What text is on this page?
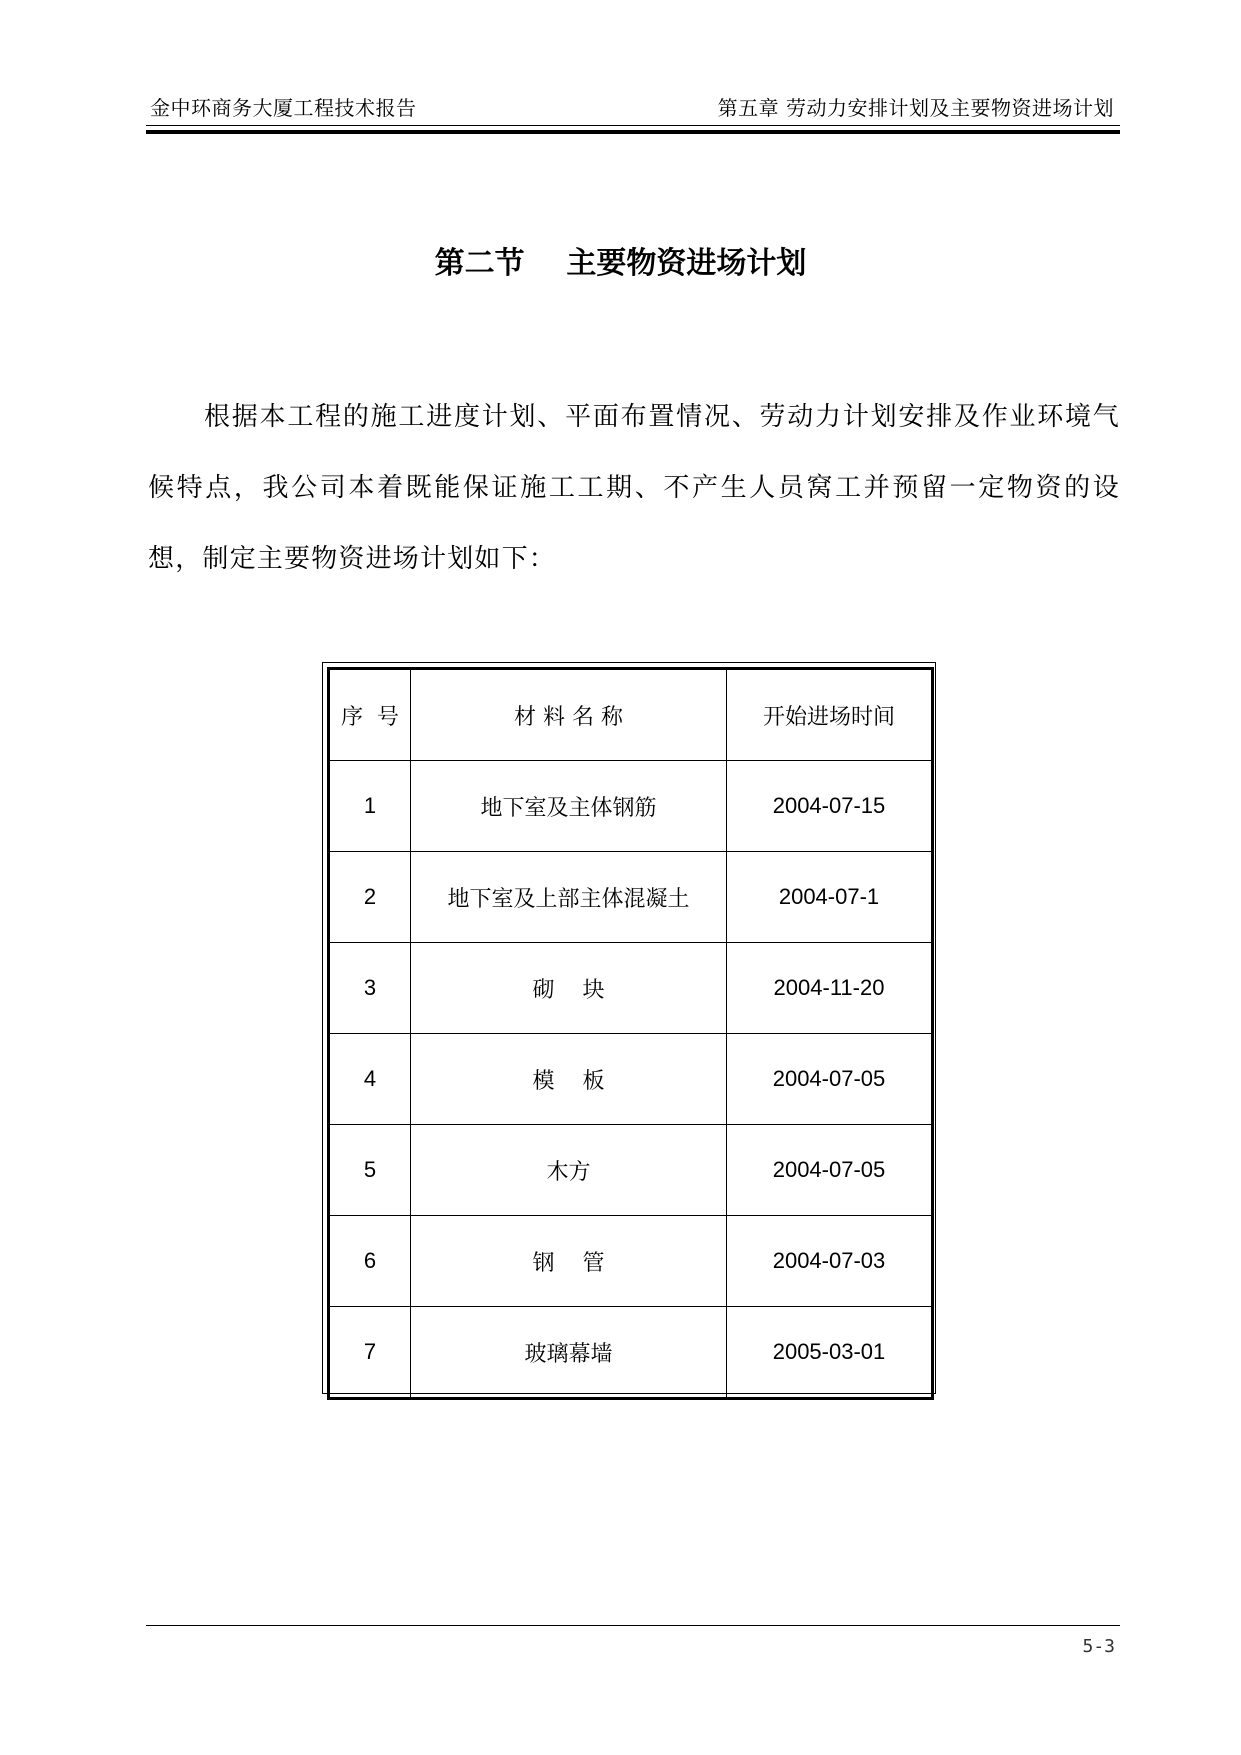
金中环商务大厦工程技术报告	第五章 劳动力安排计划及主要物资进场计划
第二节    主要物资进场计划

根据本工程的施工进度计划、平面布置情况、劳动力计划安排及作业环境气候特点，我公司本着既能保证施工工期、不产生人员窝工并预留一定物资的设想，制定主要物资进场计划如下：

序  号	材 料 名 称	开始进场时间
1	地下室及主体钢筋	2004-07-15
2	地下室及上部主体混凝土	2004-07-1
3	砌    块	2004-11-20
4	模    板	2004-07-05
5	木方	2004-07-05
6	钢    管	2004-07-03
7	玻璃幕墙	2005-03-01
5-3
